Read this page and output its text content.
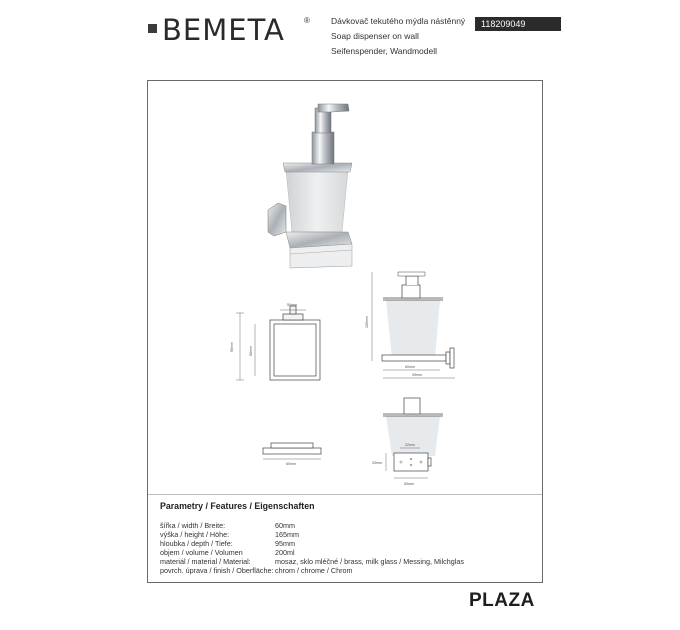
BEMETA ® Dávkovač tekutého mýdla nástěnný
Soap dispenser on wall
Seifenspender, Wandmodell
118209049
50mm
95mm	80mm
165mm
60mm
95mm
60mm
22mm
33mm
50mm
Parametry / Features / Eigenschaften
šířka / width / Breite:	60mm
výška / height / Höhe:	165mm
hloubka / depth / Tiefe:	95mm
objem / volume / Volumen	200ml
materiál / material / Material:	mosaz, sklo mléčné / brass, milk glass / Messing, Milchglas
povrch. úprava / finish / Oberfläche: chrom / chrome / Chrom
PLAZA
